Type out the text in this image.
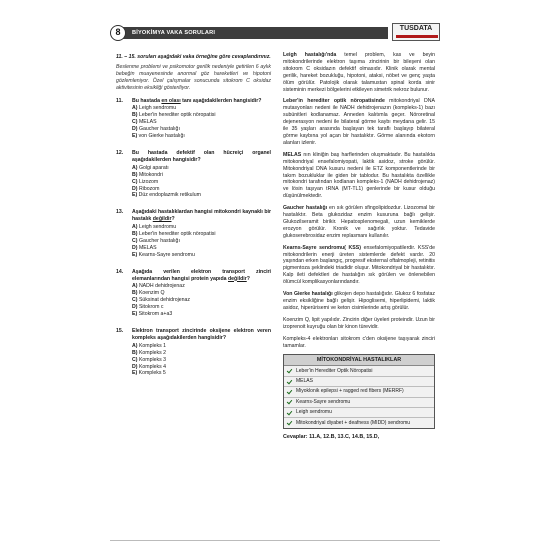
BİYOKİMYA VAKA SORULARI
8	TUSDATA

11. – 15. soruları aşağıdaki vaka örneğine göre cevaplandırınız.

Beslenme problemi ve psikomotor gerilik nedeniyle getirilen 6 aylık bebeğin muayenesinde anormal göz hareketleri ve hipotoni gözlemleniyor. Özel çalışmalar sonucunda sitokrom C oksidaz aktivitesinin eksikliği gösteriliyor.

11. Bu hastada en olası tanı aşağıdakilerden hangisidir?
A) Leigh sendromu
B) Leber'in herediter optik nöropatisi
C) MELAS
D) Gaucher hastalığı
E) von Gierke hastalığı
12. Bu hastada defektif olan hücreiçi organel aşağıdakilerden hangisidir?
A) Golgi aparatı
B) Mitokondri
C) Lizozom
D) Ribozom
E) Düz endoplazmik retikulum
13. Aşağıdaki hastalıklardan hangisi mitokondri kaynaklı bir hastalık değildir?
A) Leigh sendromu
B) Leber'in herediter optik nöropatisi
C) Gaucher hastalığı
D) MELAS
E) Kearns-Sayre sendromu
14. Aşağıda verilen elektron transport zinciri elemanlarından hangisi protein yapıda değildir?
A) NADH dehidrojenaz
B) Koenzim Q
C) Süksinat dehidrojenaz
D) Sitokrom c
E) Sitokrom a+a3
15. Elektron transport zincirinde oksijene elektron veren kompleks aşağıdakilerden hangisidir?
A) Kompleks 1
B) Kompleks 2
C) Kompleks 3
D) Kompleks 4
E) Kompleks 5

Leigh hastalığı'nda temel problem, kas ve beyin mitokondrilerinde elektron taşıma zincirinin bir bileşeni olan sitokrom C oksidazın defektif olmasıdır. Klinik olarak mental gerilik, hareket bozukluğu, hipotoni, ataksi, nöbet ve genç yaşta ölüm görülür. Patolojik olarak talamustan spinal korda sinir sisteminin merkezi bölgelerini etkileyen simetrik nekroz bulunur.

Leber'in herediter optik nöropatisinde mitokondriyal DNA mutasyonları nedeni ile NADH dehidrojenazın (kompleks-1) bazı subünitleri kodlanamaz. Anneden kalıtımla geçer. Nöroretinal dejenerasyon nedeni ile bilateral görme kaybı meydana gelir. 15 ile 35 yaşları arasında başlayan tek taraflı başlayıp bilateral görme kaybına yol açan bir hastalıktır. Görme alanında ekotorn alanları izlenir.

MELAS nın kliniğin baş harflerinden oluşmaktadır. Bu hastalıkta mitokondriyal ensefalomiyopati, laktik asidoz, stroke görülür. Mitokondriyal DNA kusuru nedeni ile ETZ komponentlerinde bir takım bozukluklar ile giden bir tablodur. Bu hastalıkta özellikle mitokondri tarafından kodlanan kompleks-1 (NADH dehidrojenaz) ve lösin taşıyan tRNA (MT-TL1) genlerinde bir kusur olduğu düşünülmektedir.

Gaucher hastalığı en sık görülen sfingolipidozdur. Lizozomal bir hastalıktır. Beta glukozidaz enzim kusuruna bağlı gelişir. Glukozilseramit birikir. Hepatosplenomegali, uzun kemiklerde erozyon görülür. Kronik ve sağırlık yoktur. Tedavide glukoserebrosidaz enzim replasmanı kullanılır.

Kearns-Sayre sendromu( KSS) ensefalomiyopatilerdir. KSS'de mitokondrilerin enerji üreten sistemlerde defekt vardır. 20 yaşından erken başlangıç, progresif eksternal oftalmopleji, retinitis pigmentoza şeklindeki triadidir oluşur. Mitokondriyal bir hastalıktır. Kalp ileti defektleri de hastalığın sık görülen ve önlenebilen ölümcül komplikasyonlarındandır.

Von Gierke hastalığı glikojen depo hastalığıdır. Glukoz 6 fosfataz enzim eksikliğine bağlı gelişir. Hipoglisemi, hiperlipidemi, laktik asidoz, hiperürisemi ve keton cisimlerinde artış görülür.

Koenzim Q, lipit yapılıdır. Zincirin diğer üyeleri proteindir. Uzun bir izoprenoit kuyruğu olan bir kinon türevidir.

Kompleks-4 elektronları sitokrom c'den oksijene taşıyarak zinciri tamamlar.

MİTOKONDRİYAL HASTALIKLAR
Leber'in Herediter Optik Nöropatisi
MELAS
Miyoklonik epilepsi + ragged red fibers (MERRF)
Kearns-Sayre sendromu
Leigh sendromu
Mitokondriyal diyabet + deafness (MIDD) sendromu
Cevaplar: 11.A, 12.B, 13.C, 14.B, 15.D,
